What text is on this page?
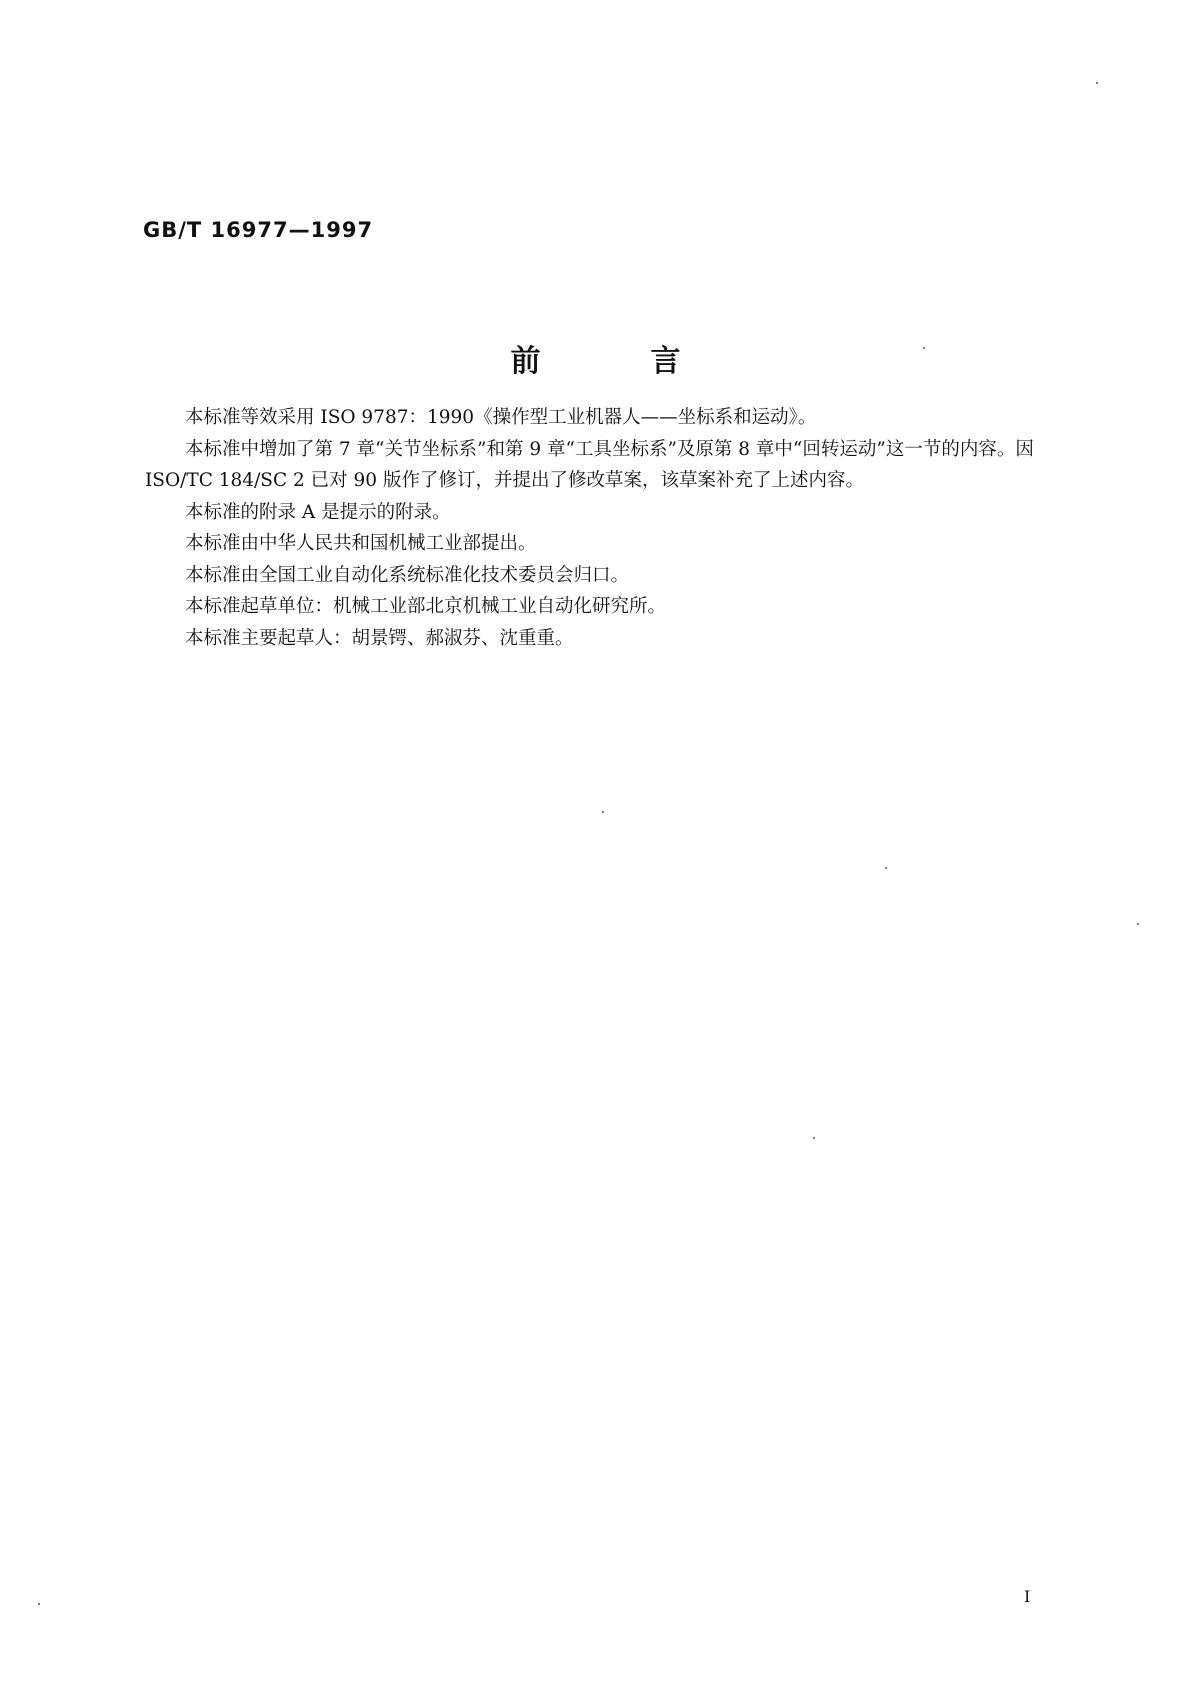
GB/T 16977—1997
前言

本标准等效采用 ISO 9787：1990《操作型工业机器人——坐标系和运动》。

本标准中增加了第 7 章“关节坐标系”和第 9 章“工具坐标系”及原第 8 章中“回转运动”这一节的内容。因 ISO/TC 184/SC 2 已对 90 版作了修订，并提出了修改草案，该草案补充了上述内容。

本标准的附录 A 是提示的附录。

本标准由中华人民共和国机械工业部提出。

本标准由全国工业自动化系统标准化技术委员会归口。

本标准起草单位：机械工业部北京机械工业自动化研究所。

本标准主要起草人：胡景锷、郝淑芬、沈重重。

I
